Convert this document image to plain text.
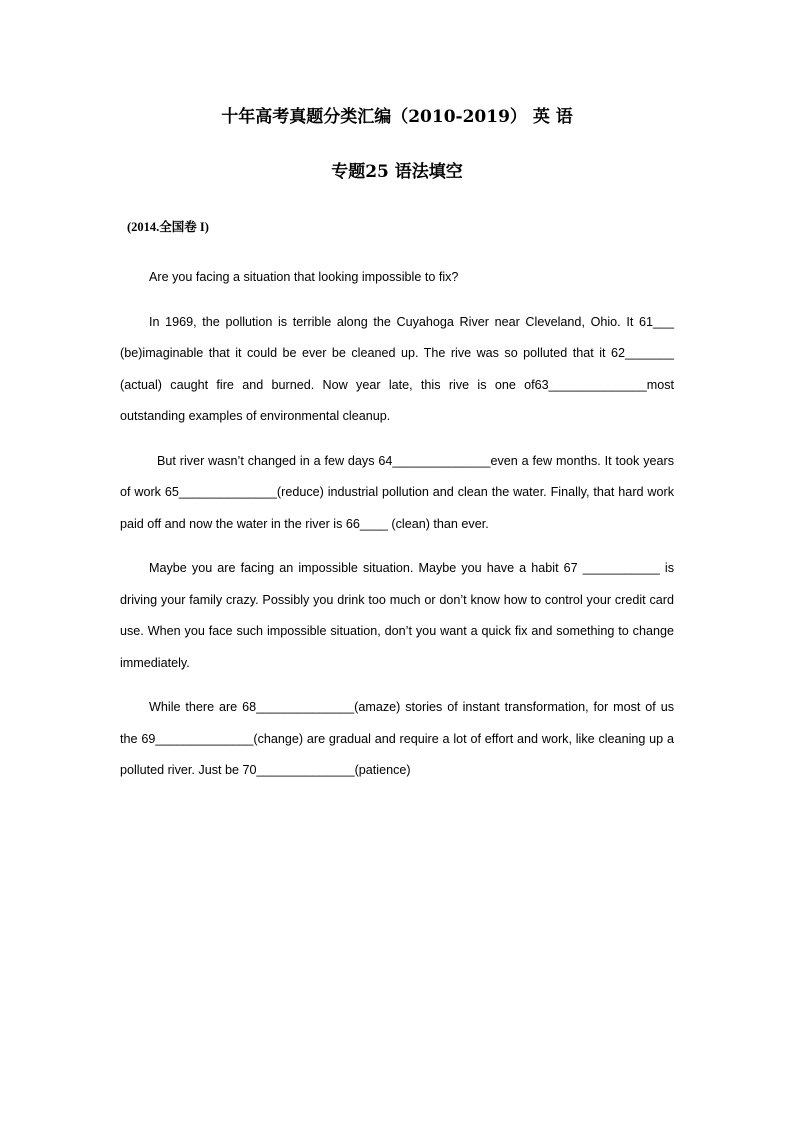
十年高考真题分类汇编（2010-2019） 英 语
专题25 语法填空
(2014.全国卷 I)

Are you facing a situation that looking impossible to fix?

In 1969, the pollution is terrible along the Cuyahoga River near Cleveland, Ohio. It 61___ (be)imaginable that it could be ever be cleaned up. The rive was so polluted that it 62_______ (actual) caught fire and burned. Now year late, this rive is one of63______________most outstanding examples of environmental cleanup.

But river wasn’t changed in a few days 64______________even a few months. It took years of work 65______________(reduce) industrial pollution and clean the water. Finally, that hard work paid off and now the water in the river is 66____ (clean) than ever.

Maybe you are facing an impossible situation. Maybe you have a habit 67 ___________ is driving your family crazy. Possibly you drink too much or don’t know how to control your credit card use. When you face such impossible situation, don’t you want a quick fix and something to change immediately.

While there are 68______________(amaze) stories of instant transformation, for most of us the 69______________(change) are gradual and require a lot of effort and work, like cleaning up a polluted river. Just be 70______________(patience)
